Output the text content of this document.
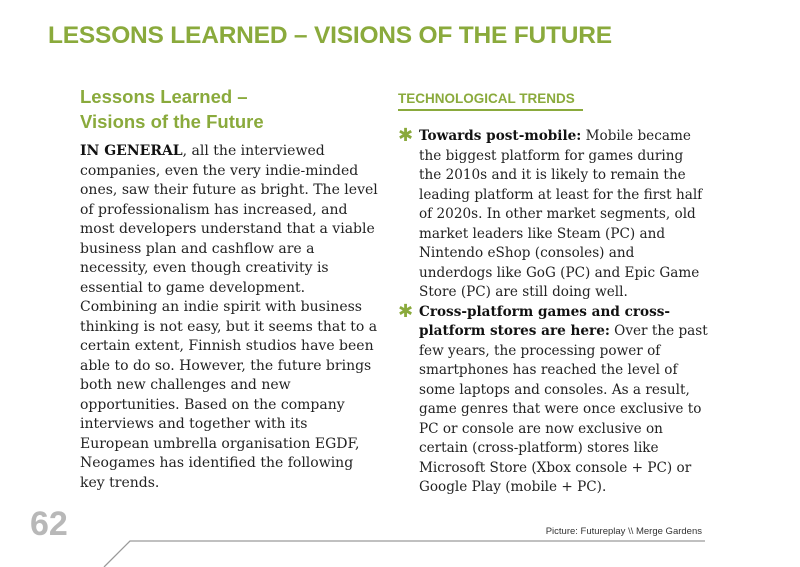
LESSONS LEARNED – VISIONS OF THE FUTURE
Lessons Learned –
Visions of the Future

IN GENERAL, all the interviewed companies, even the very indie-minded ones, saw their future as bright. The level of professionalism has increased, and most developers understand that a viable business plan and cashflow are a necessity, even though creativity is essential to game development. Combining an indie spirit with business thinking is not easy, but it seems that to a certain extent, Finnish studios have been able to do so. However, the future brings both new challenges and new opportunities. Based on the company interviews and together with its European umbrella organisation EGDF, Neogames has identified the following key trends.

TECHNOLOGICAL TRENDS
✱ Towards post-mobile: Mobile became the biggest platform for games during the 2010s and it is likely to remain the leading platform at least for the first half of 2020s. In other market segments, old market leaders like Steam (PC) and Nintendo eShop (consoles) and underdogs like GoG (PC) and Epic Game Store (PC) are still doing well.

✱ Cross-platform games and cross-platform stores are here: Over the past few years, the processing power of smartphones has reached the level of some laptops and consoles. As a result, game genres that were once exclusive to PC or console are now exclusive on certain (cross-platform) stores like Microsoft Store (Xbox console + PC) or Google Play (mobile + PC).

62	Picture: Futureplay \\ Merge Gardens
